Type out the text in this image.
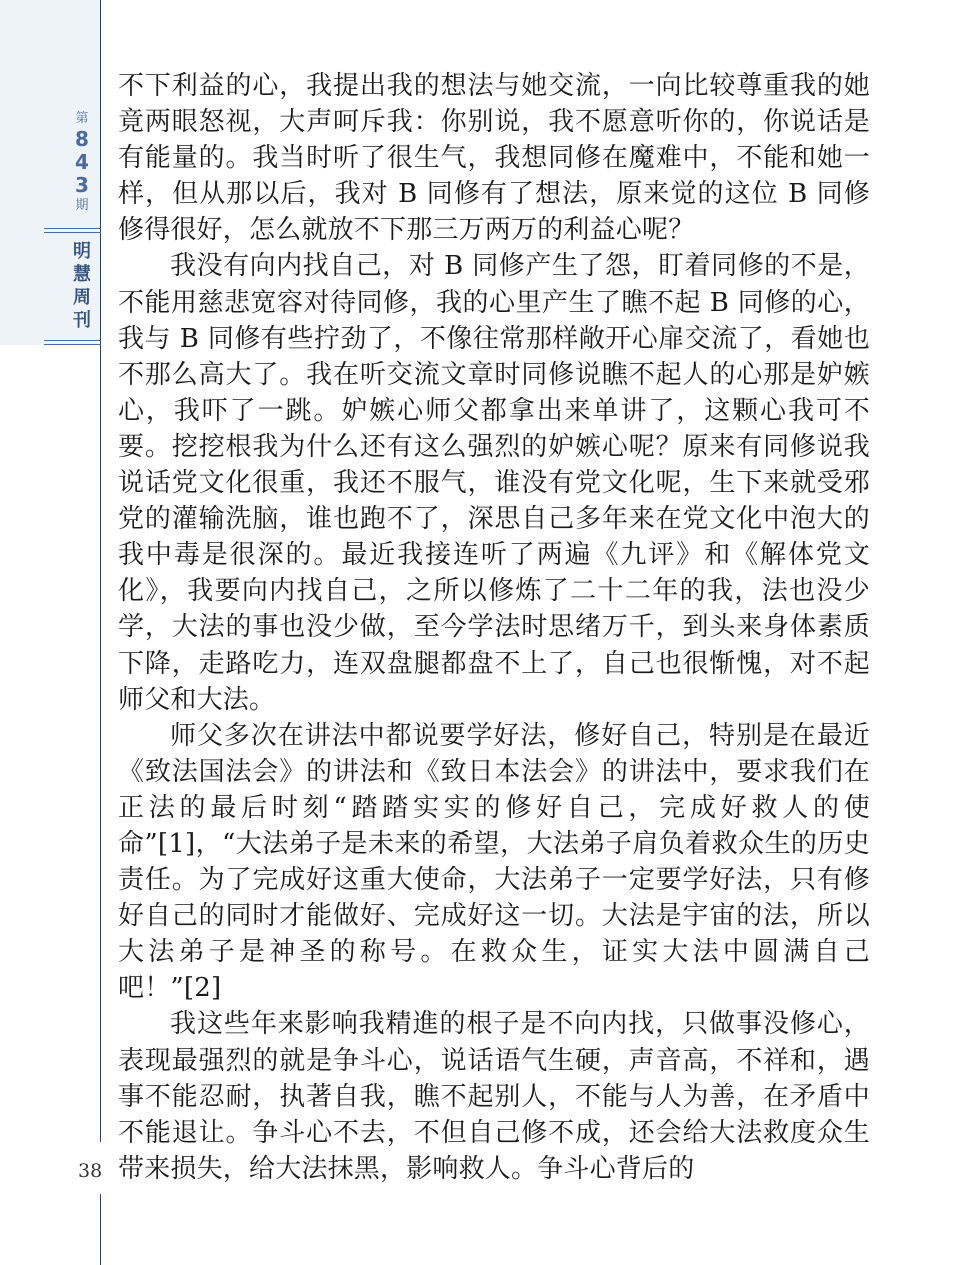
第
8
4
3
期
明
慧
周
刊
38

不下利益的心，我提出我的想法与她交流，一向比较尊重我的她竟两眼怒视，大声呵斥我：你别说，我不愿意听你的，你说话是有能量的。我当时听了很生气，我想同修在魔难中，不能和她一样，但从那以后，我对 B 同修有了想法，原来觉的这位 B 同修修得很好，怎么就放不下那三万两万的利益心呢？

我没有向内找自己，对 B 同修产生了怨，盯着同修的不是，不能用慈悲宽容对待同修，我的心里产生了瞧不起 B 同修的心，我与 B 同修有些拧劲了，不像往常那样敞开心扉交流了，看她也不那么高大了。我在听交流文章时同修说瞧不起人的心那是妒嫉心，我吓了一跳。妒嫉心师父都拿出来单讲了，这颗心我可不要。挖挖根我为什么还有这么强烈的妒嫉心呢？原来有同修说我说话党文化很重，我还不服气，谁没有党文化呢，生下来就受邪党的灌输洗脑，谁也跑不了，深思自己多年来在党文化中泡大的我中毒是很深的。最近我接连听了两遍《九评》和《解体党文化》，我要向内找自己，之所以修炼了二十二年的我，法也没少学，大法的事也没少做，至今学法时思绪万千，到头来身体素质下降，走路吃力，连双盘腿都盘不上了，自己也很惭愧，对不起师父和大法。

师父多次在讲法中都说要学好法，修好自己，特别是在最近《致法国法会》的讲法和《致日本法会》的讲法中，要求我们在正法的最后时刻“踏踏实实的修好自己，完成好救人的使命”[1]，“大法弟子是未来的希望，大法弟子肩负着救众生的历史责任。为了完成好这重大使命，大法弟子一定要学好法，只有修好自己的同时才能做好、完成好这一切。大法是宇宙的法，所以大法弟子是神圣的称号。在救众生，证实大法中圆满自己吧！”[2]

我这些年来影响我精進的根子是不向内找，只做事没修心，表现最强烈的就是争斗心，说话语气生硬，声音高，不祥和，遇事不能忍耐，执著自我，瞧不起别人，不能与人为善，在矛盾中不能退让。争斗心不去，不但自己修不成，还会给大法救度众生带来损失，给大法抹黑，影响救人。争斗心背后的
